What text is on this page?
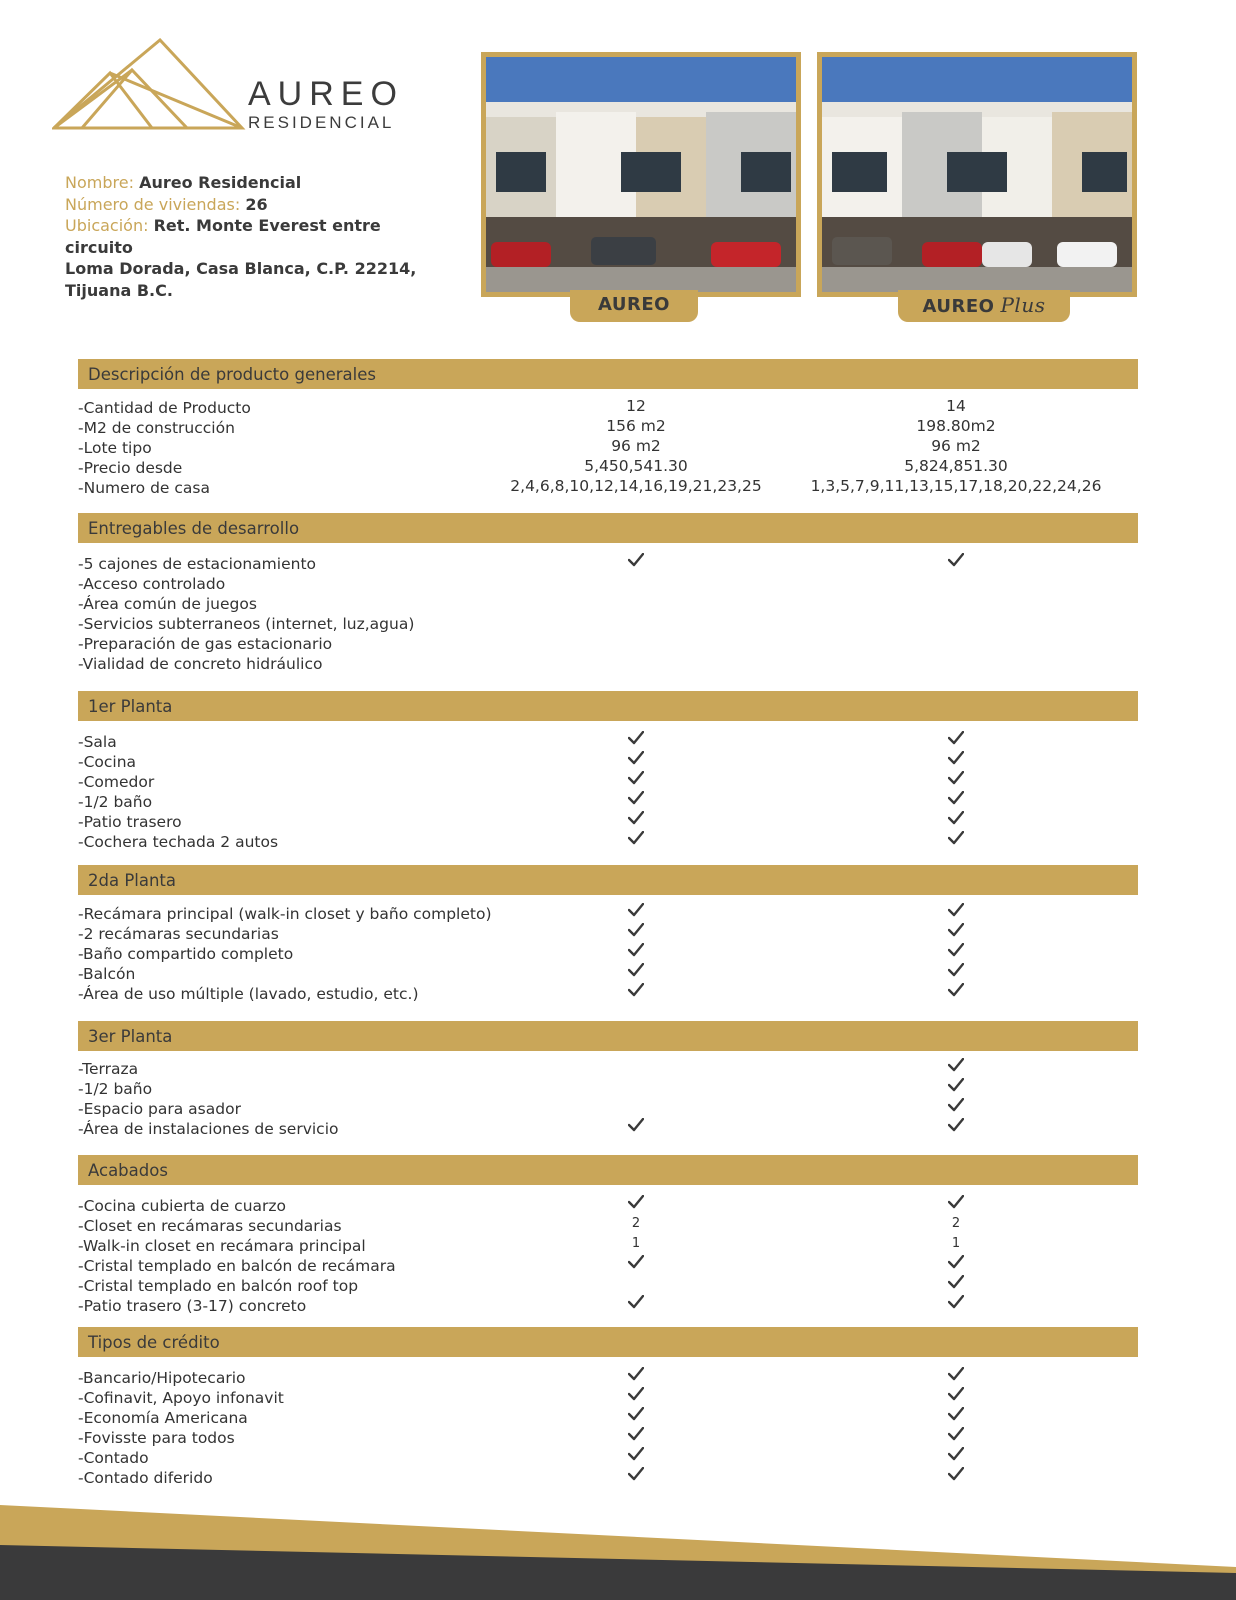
AUREO
RESIDENCIAL
Nombre: Aureo Residencial
Número de viviendas: 26
Ubicación: Ret. Monte Everest entre circuito
Loma Dorada, Casa Blanca, C.P. 22214,
Tijuana B.C.
AUREO	AUREO Plus
Descripción de producto generales
-Cantidad de Producto
-M2 de construcción
-Lote tipo
-Precio desde
-Numero de casa
12
156 m2
96 m2
5,450,541.30
2,4,6,8,10,12,14,16,19,21,23,25
14
198.80m2
96 m2
5,824,851.30
1,3,5,7,9,11,13,15,17,18,20,22,24,26
Entregables de desarrollo
-5 cajones de estacionamiento
-Acceso controlado
-Área común de juegos
-Servicios subterraneos (internet, luz,agua)
-Preparación de gas estacionario
-Vialidad de concreto hidráulico
1er Planta
-Sala
-Cocina
-Comedor
-1/2 baño
-Patio trasero
-Cochera techada 2 autos
2da Planta
-Recámara principal (walk-in closet y baño completo)
-2 recámaras secundarias
-Baño compartido completo
-Balcón
-Área de uso múltiple (lavado, estudio, etc.)
3er Planta
-Terraza
-1/2 baño
-Espacio para asador
-Área de instalaciones de servicio
Acabados
-Cocina cubierta de cuarzo
-Closet en recámaras secundarias
-Walk-in closet en recámara principal
-Cristal templado en balcón de recámara
-Cristal templado en balcón roof top
-Patio trasero (3-17) concreto
2
1
2
1
Tipos de crédito
-Bancario/Hipotecario
-Cofinavit, Apoyo infonavit
-Economía Americana
-Fovisste para todos
-Contado
-Contado diferido
